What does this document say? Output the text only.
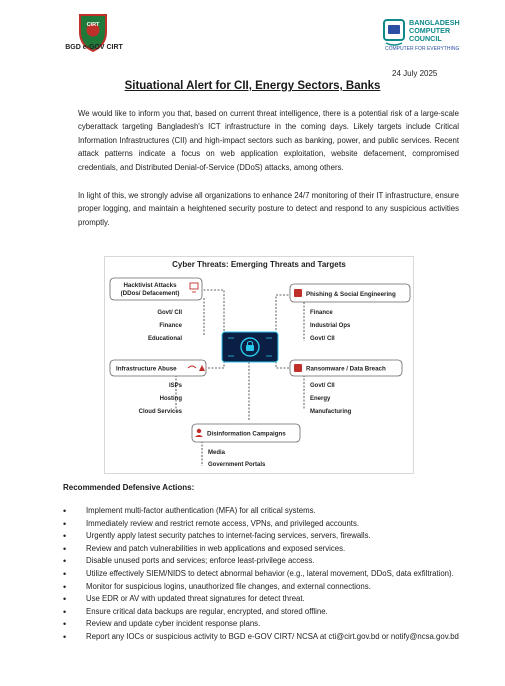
CIRT
BGD e-GOV CIRT
BANGLADESH
COMPUTER
COUNCIL
COMPUTER FOR EVERYTHING
24 July 2025
Situational Alert for CII, Energy Sectors, Banks
We would like to inform you that, based on current threat intelligence, there is a potential risk of a large-scale cyberattack targeting Bangladesh's ICT infrastructure in the coming days. Likely targets include Critical Information Infrastructures (CII) and high-impact sectors such as banking, power, and public services. Recent attack patterns indicate a focus on web application exploitation, website defacement, compromised credentials, and Distributed Denial-of-Service (DDoS) attacks, among others.
In light of this, we strongly advise all organizations to enhance 24/7 monitoring of their IT infrastructure, ensure proper logging, and maintain a heightened security posture to detect and respond to any suspicious activities promptly.
Cyber Threats: Emerging Threats and Targets
Hacktivist Attacks
(DDos/ Defacement)
Govt/ CII
Finance
Educational
Phishing & Social Engineering
Finance
Industrial Ops
Govt/ CII
Infrastructure Abuse
ISPs
Hosting
Cloud Services
Ransomware / Data Breach
Govt/ CII
Energy
Manufacturing
Disinformation Campaigns
Media
Government Portals
Recommended Defensive Actions:
• Implement multi-factor authentication (MFA) for all critical systems.
• Immediately review and restrict remote access, VPNs, and privileged accounts.
• Urgently apply latest security patches to internet-facing services, servers, firewalls.
• Review and patch vulnerabilities in web applications and exposed services.
• Disable unused ports and services; enforce least-privilege access.
• Utilize effectively SIEM/NIDS to detect abnormal behavior (e.g., lateral movement, DDoS, data exfiltration).
• Monitor for suspicious logins, unauthorized file changes, and external connections.
• Use EDR or AV with updated threat signatures for detect threat.
• Ensure critical data backups are regular, encrypted, and stored offline.
• Review and update cyber incident response plans.
• Report any IOCs or suspicious activity to BGD e-GOV CIRT/ NCSA at cti@cirt.gov.bd or notify@ncsa.gov.bd
